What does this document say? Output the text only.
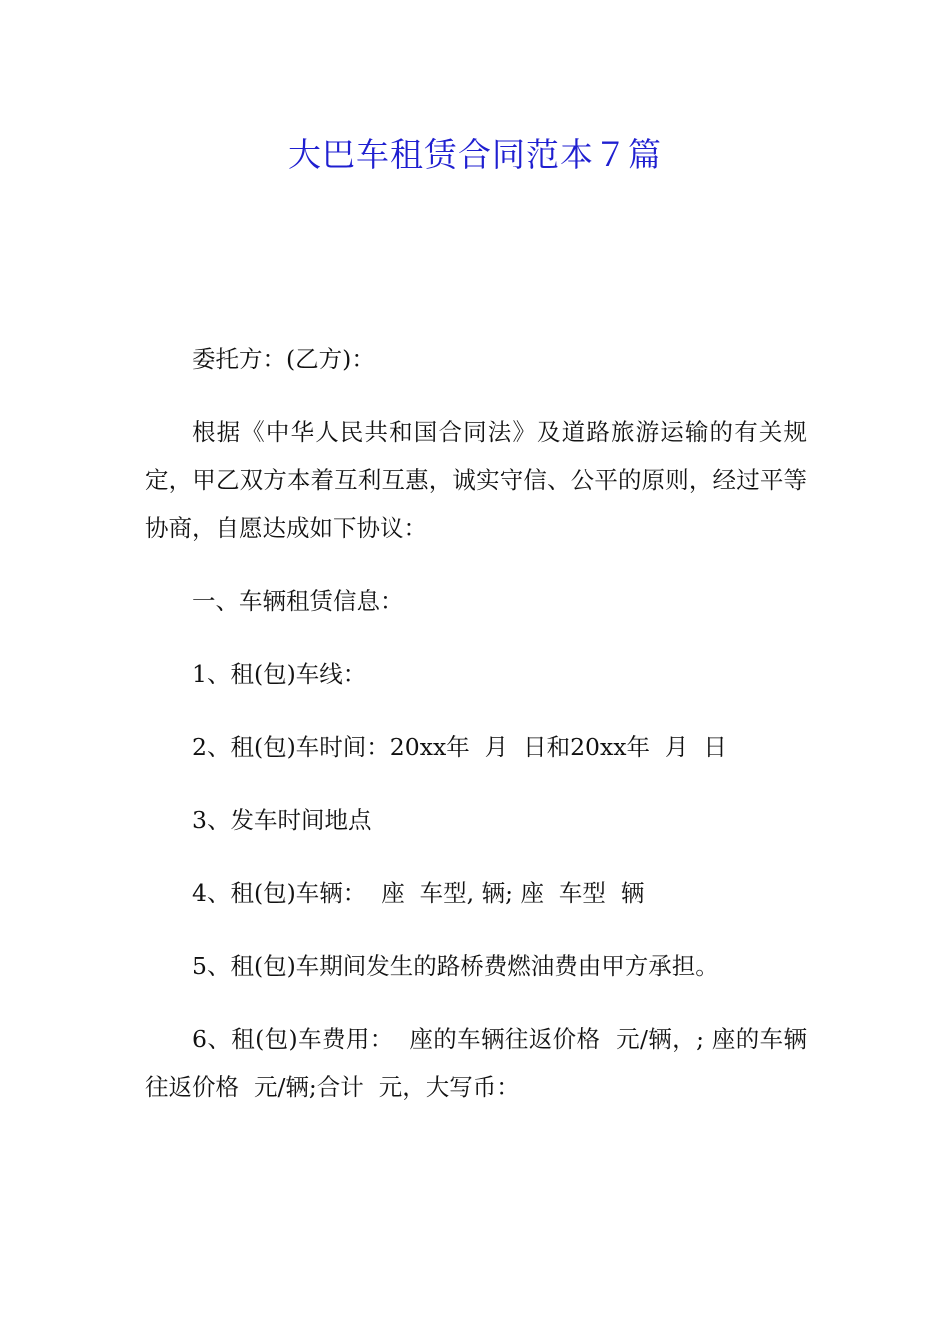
大巴车租赁合同范本７篇

委托方：(乙方)：

根据《中华人民共和国合同法》及道路旅游运输的有关规定，甲乙双方本着互利互惠，诚实守信、公平的原则，经过平等协商，自愿达成如下协议：

一、车辆租赁信息：

1、租(包)车线：

2、租(包)车时间：20xx年  月  日和20xx年  月  日

3、发车时间地点

4、租(包)车辆：  座  车型, 辆; 座  车型  辆

5、租(包)车期间发生的路桥费燃油费由甲方承担。

6、租(包)车费用：  座的车辆往返价格  元/辆，; 座的车辆往返价格  元/辆;合计  元，大写币：
